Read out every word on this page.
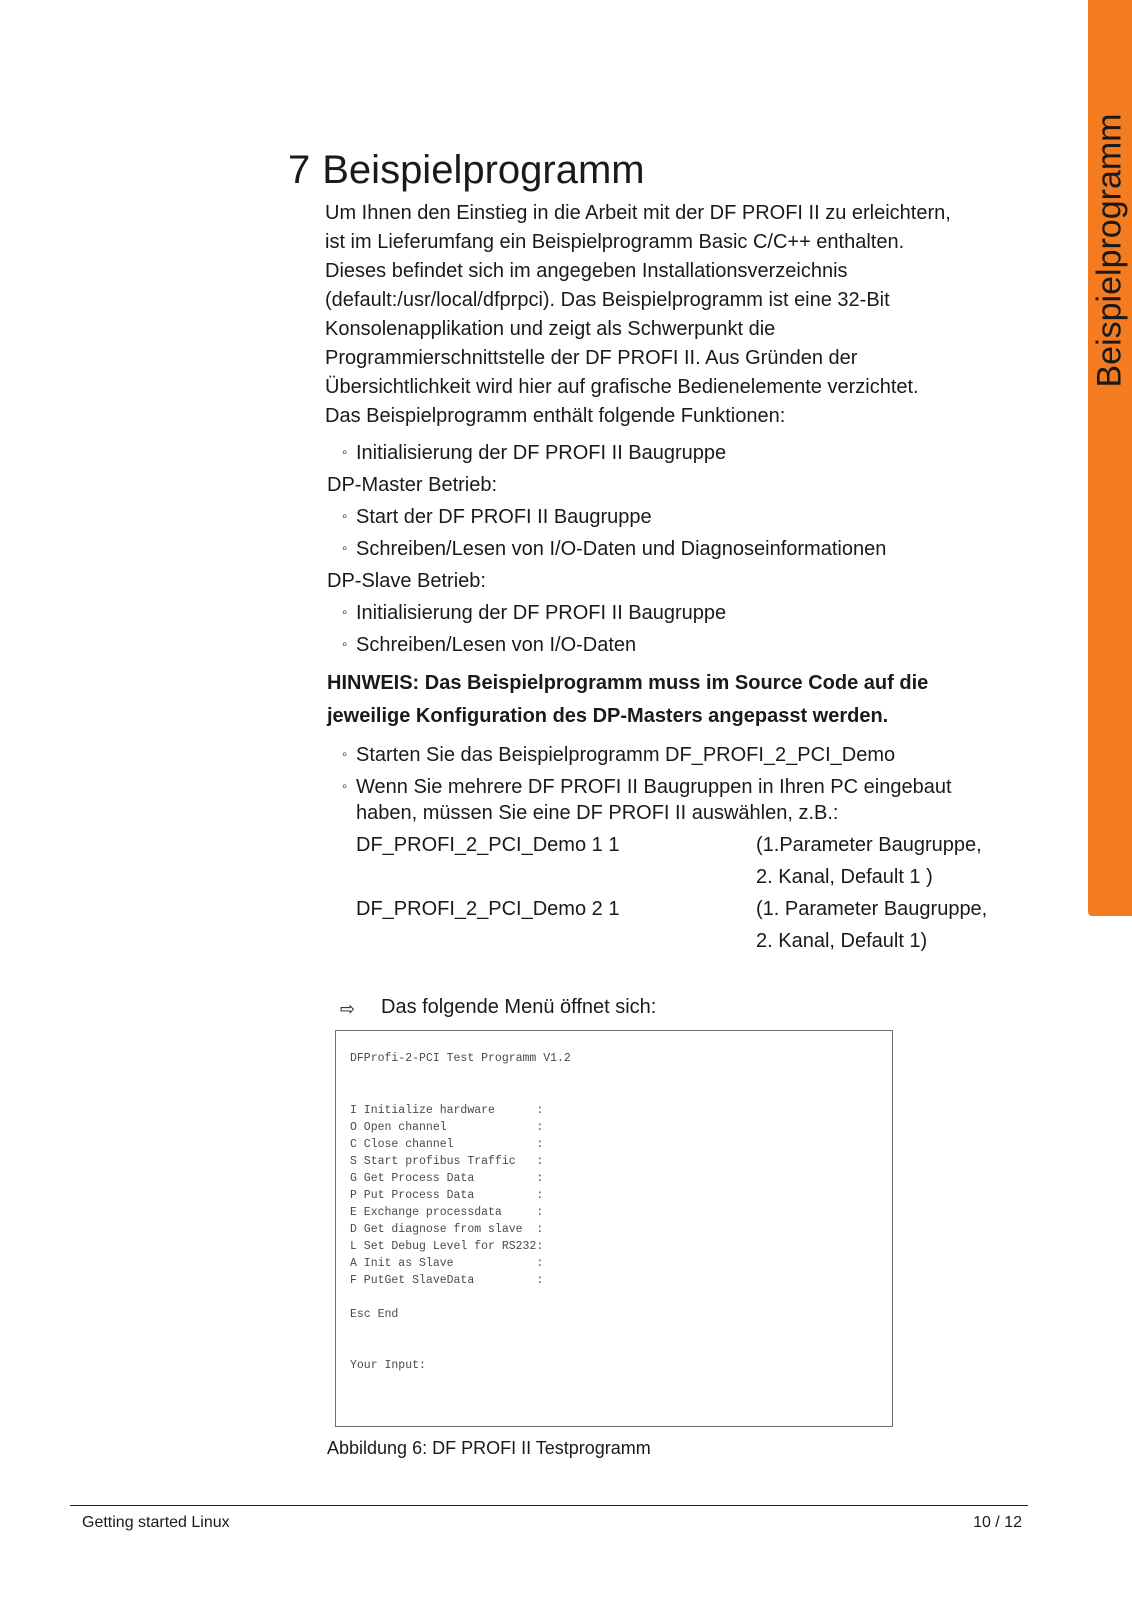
Beispielprogramm
7 Beispielprogramm
Um Ihnen den Einstieg in die Arbeit mit der DF PROFI II zu erleichtern,
ist im Lieferumfang ein Beispielprogramm Basic C/C++ enthalten.
Dieses befindet sich im angegeben Installationsverzeichnis
(default:/usr/local/dfprpci). Das Beispielprogramm ist eine 32-Bit
Konsolenapplikation und zeigt als Schwerpunkt die
Programmierschnittstelle der DF PROFI II. Aus Gründen der
Übersichtlichkeit wird hier auf grafische Bedienelemente verzichtet.
Das Beispielprogramm enthält folgende Funktionen:
◦ Initialisierung der DF PROFI II Baugruppe
DP-Master Betrieb:
◦ Start der DF PROFI II Baugruppe
◦ Schreiben/Lesen von I/O-Daten und Diagnoseinformationen
DP-Slave Betrieb:
◦ Initialisierung der DF PROFI II Baugruppe
◦ Schreiben/Lesen von I/O-Daten
HINWEIS: Das Beispielprogramm muss im Source Code auf die
jeweilige Konfiguration des DP-Masters angepasst werden.
◦ Starten Sie das Beispielprogramm DF_PROFI_2_PCI_Demo
◦ Wenn Sie mehrere DF PROFI II Baugruppen in Ihren PC eingebaut
haben, müssen Sie eine DF PROFI II auswählen, z.B.:
DF_PROFI_2_PCI_Demo 1 1	(1.Parameter Baugruppe,
2. Kanal, Default 1 )
DF_PROFI_2_PCI_Demo 2 1	(1. Parameter Baugruppe,
2. Kanal, Default 1)
⇨ Das folgende Menü öffnet sich:
DFProfi-2-PCI Test Programm V1.2
I Initialize hardware      :
O Open channel             :
C Close channel            :
S Start profibus Traffic   :
G Get Process Data         :
P Put Process Data         :
E Exchange processdata     :
D Get diagnose from slave  :
L Set Debug Level for RS232:
A Init as Slave            :
F PutGet SlaveData         :
Esc End
Your Input:
Abbildung 6: DF PROFI II Testprogramm
Getting started Linux	10 / 12
